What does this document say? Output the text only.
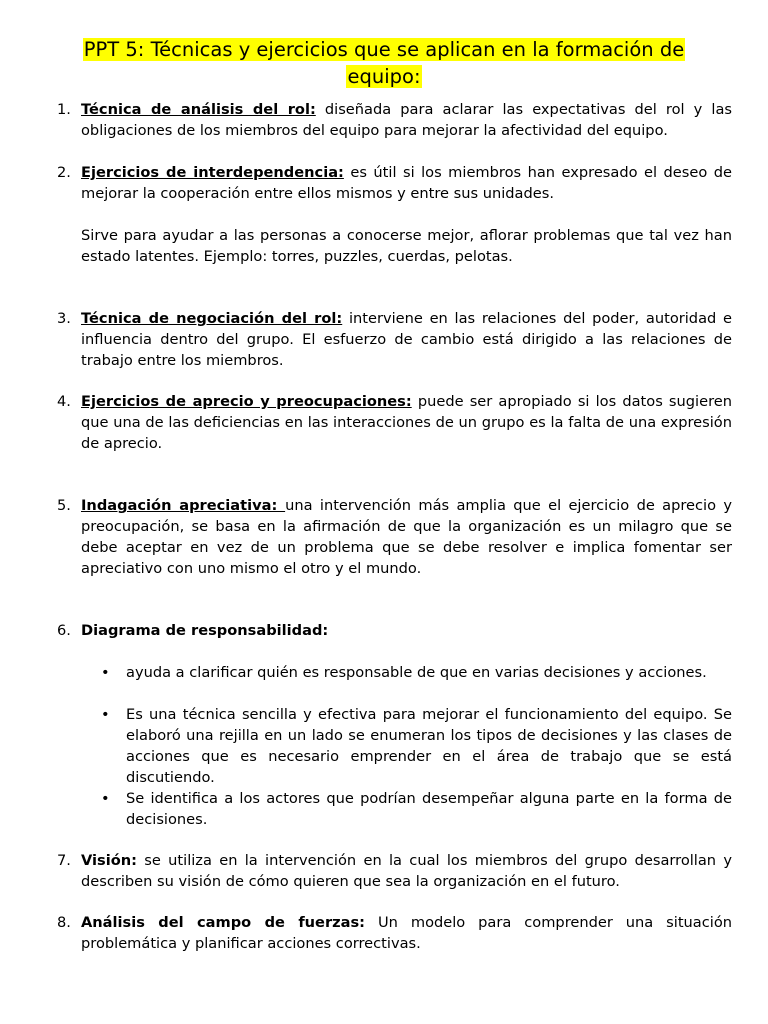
PPT 5: Técnicas y ejercicios que se aplican en la formación de
equipo:
1. Técnica de análisis del rol: diseñada para aclarar las expectativas del rol y las obligaciones de los miembros del equipo para mejorar la afectividad del equipo.

2. Ejercicios de interdependencia: es útil si los miembros han expresado el deseo de mejorar la cooperación entre ellos mismos y entre sus unidades.

Sirve para ayudar a las personas a conocerse mejor, aflorar problemas que tal vez han estado latentes. Ejemplo: torres, puzzles, cuerdas, pelotas.

3. Técnica de negociación del rol: interviene en las relaciones del poder, autoridad e influencia dentro del grupo. El esfuerzo de cambio está dirigido a las relaciones de trabajo entre los miembros.

4. Ejercicios de aprecio y preocupaciones: puede ser apropiado si los datos sugieren que una de las deficiencias en las interacciones de un grupo es la falta de una expresión de aprecio.

5. Indagación apreciativa: una intervención más amplia que el ejercicio de aprecio y preocupación, se basa en la afirmación de que la organización es un milagro que se debe aceptar en vez de un problema que se debe resolver e implica fomentar ser apreciativo con uno mismo el otro y el mundo.

6. Diagrama de responsabilidad:

• ayuda a clarificar quién es responsable de que en varias decisiones y acciones.
• Es una técnica sencilla y efectiva para mejorar el funcionamiento del equipo. Se elaboró una rejilla en un lado se enumeran los tipos de decisiones y las clases de acciones que es necesario emprender en el área de trabajo que se está discutiendo.
• Se identifica a los actores que podrían desempeñar alguna parte en la forma de decisiones.
7. Visión: se utiliza en la intervención en la cual los miembros del grupo desarrollan y describen su visión de cómo quieren que sea la organización en el futuro.

8. Análisis del campo de fuerzas: Un modelo para comprender una situación problemática y planificar acciones correctivas.
